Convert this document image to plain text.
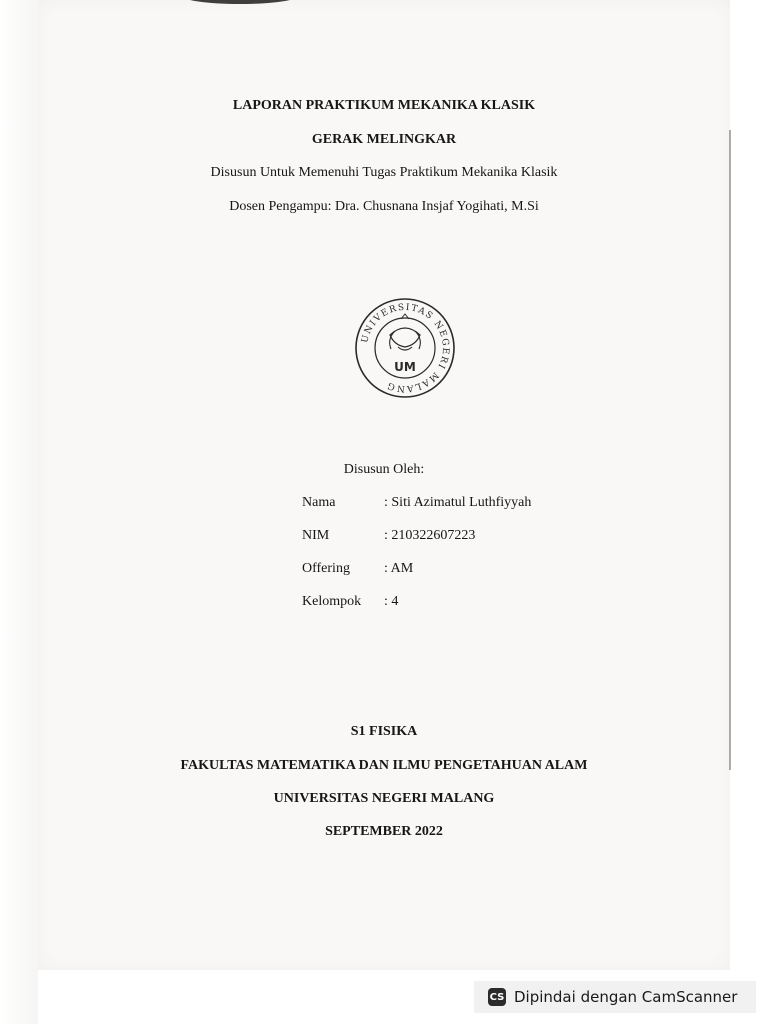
LAPORAN PRAKTIKUM MEKANIKA KLASIK
GERAK MELINGKAR
Disusun Untuk Memenuhi Tugas Praktikum Mekanika Klasik
Dosen Pengampu: Dra. Chusnana Insjaf Yogihati, M.Si
UNIVERSITAS NEGERI MALANG
UM
Disusun Oleh:
Nama	: Siti Azimatul Luthfiyyah
NIM	: 210322607223
Offering : AM
Kelompok : 4
S1 FISIKA
FAKULTAS MATEMATIKA DAN ILMU PENGETAHUAN ALAM
UNIVERSITAS NEGERI MALANG
SEPTEMBER 2022
CS Dipindai dengan CamScanner
